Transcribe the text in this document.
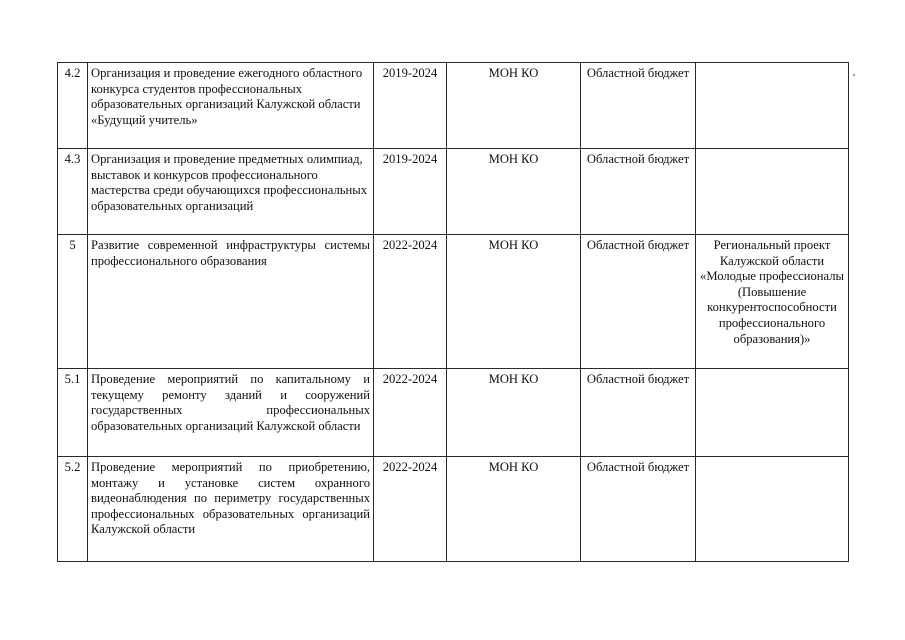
4.2	Организация и проведение ежегодного областного конкурса студентов профессиональных образовательных организаций Калужской области «Будущий учитель»	2019-2024	МОН КО	Областной бюджет	
4.3	Организация и проведение предметных олимпиад, выставок и конкурсов профессионального мастерства среди обучающихся профессиональных образовательных организаций	2019-2024	МОН КО	Областной бюджет	
5	Развитие современной инфраструктуры системы профессионального образования	2022-2024	МОН КО	Областной бюджет	Региональный проект Калужской области «Молодые профессионалы (Повышение конкурентоспособности профессионального образования)»
5.1	Проведение мероприятий по капитальному и текущему ремонту зданий и сооружений государственных профессиональных образовательных организаций Калужской области	2022-2024	МОН КО	Областной бюджет	
5.2	Проведение мероприятий по приобретению, монтажу и установке систем охранного видеонаблюдения по периметру государственных профессиональных образовательных организаций Калужской области	2022-2024	МОН КО	Областной бюджет	
